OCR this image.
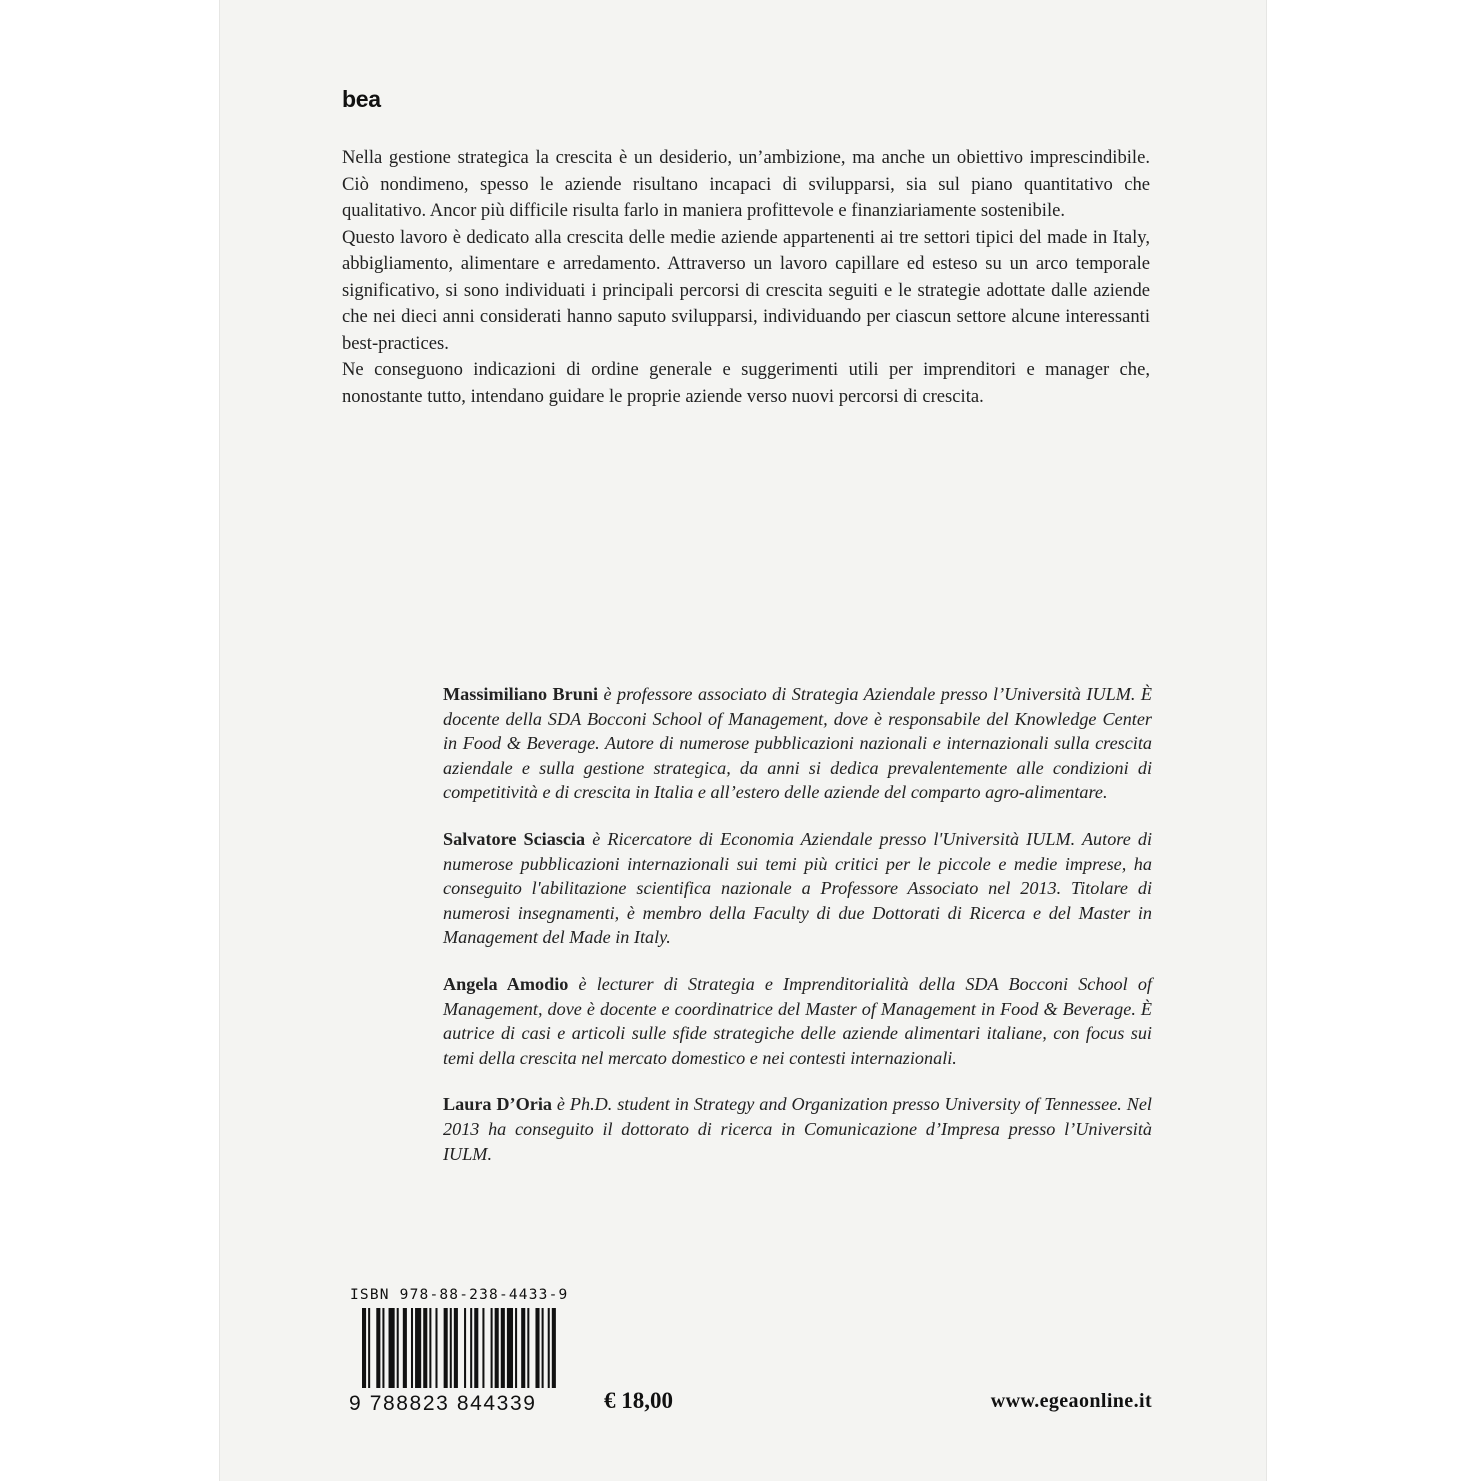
bea

Nella gestione strategica la crescita è un desiderio, un’ambizione, ma anche un obiettivo imprescindibile. Ciò nondimeno, spesso le aziende risultano incapaci di svilupparsi, sia sul piano quantitativo che qualitativo. Ancor più difficile risulta farlo in maniera profittevole e finanziariamente sostenibile.

Questo lavoro è dedicato alla crescita delle medie aziende appartenenti ai tre settori tipici del made in Italy, abbigliamento, alimentare e arredamento. Attraverso un lavoro capillare ed esteso su un arco temporale significativo, si sono individuati i principali percorsi di crescita seguiti e le strategie adottate dalle aziende che nei dieci anni considerati hanno saputo svilupparsi, individuando per ciascun settore alcune interessanti best-practices.

Ne conseguono indicazioni di ordine generale e suggerimenti utili per imprenditori e manager che, nonostante tutto, intendano guidare le proprie aziende verso nuovi percorsi di crescita.

Massimiliano Bruni è professore associato di Strategia Aziendale presso l’Università IULM. È docente della SDA Bocconi School of Management, dove è responsabile del Knowledge Center in Food & Beverage. Autore di numerose pubblicazioni nazionali e internazionali sulla crescita aziendale e sulla gestione strategica, da anni si dedica prevalentemente alle condizioni di competitività e di crescita in Italia e all’estero delle aziende del comparto agro-alimentare.

Salvatore Sciascia è Ricercatore di Economia Aziendale presso l'Università IULM. Autore di numerose pubblicazioni internazionali sui temi più critici per le piccole e medie imprese, ha conseguito l'abilitazione scientifica nazionale a Professore Associato nel 2013. Titolare di numerosi insegnamenti, è membro della Faculty di due Dottorati di Ricerca e del Master in Management del Made in Italy.

Angela Amodio è lecturer di Strategia e Imprenditorialità della SDA Bocconi School of Management, dove è docente e coordinatrice del Master of Management in Food & Beverage. È autrice di casi e articoli sulle sfide strategiche delle aziende alimentari italiane, con focus sui temi della crescita nel mercato domestico e nei contesti internazionali.

Laura D’Oria è Ph.D. student in Strategy and Organization presso University of Tennessee. Nel 2013 ha conseguito il dottorato di ricerca in Comunicazione d’Impresa presso l’Università IULM.

ISBN 978-88-238-4433-9
9 788823 844339	€ 18,00	www.egeaonline.it
